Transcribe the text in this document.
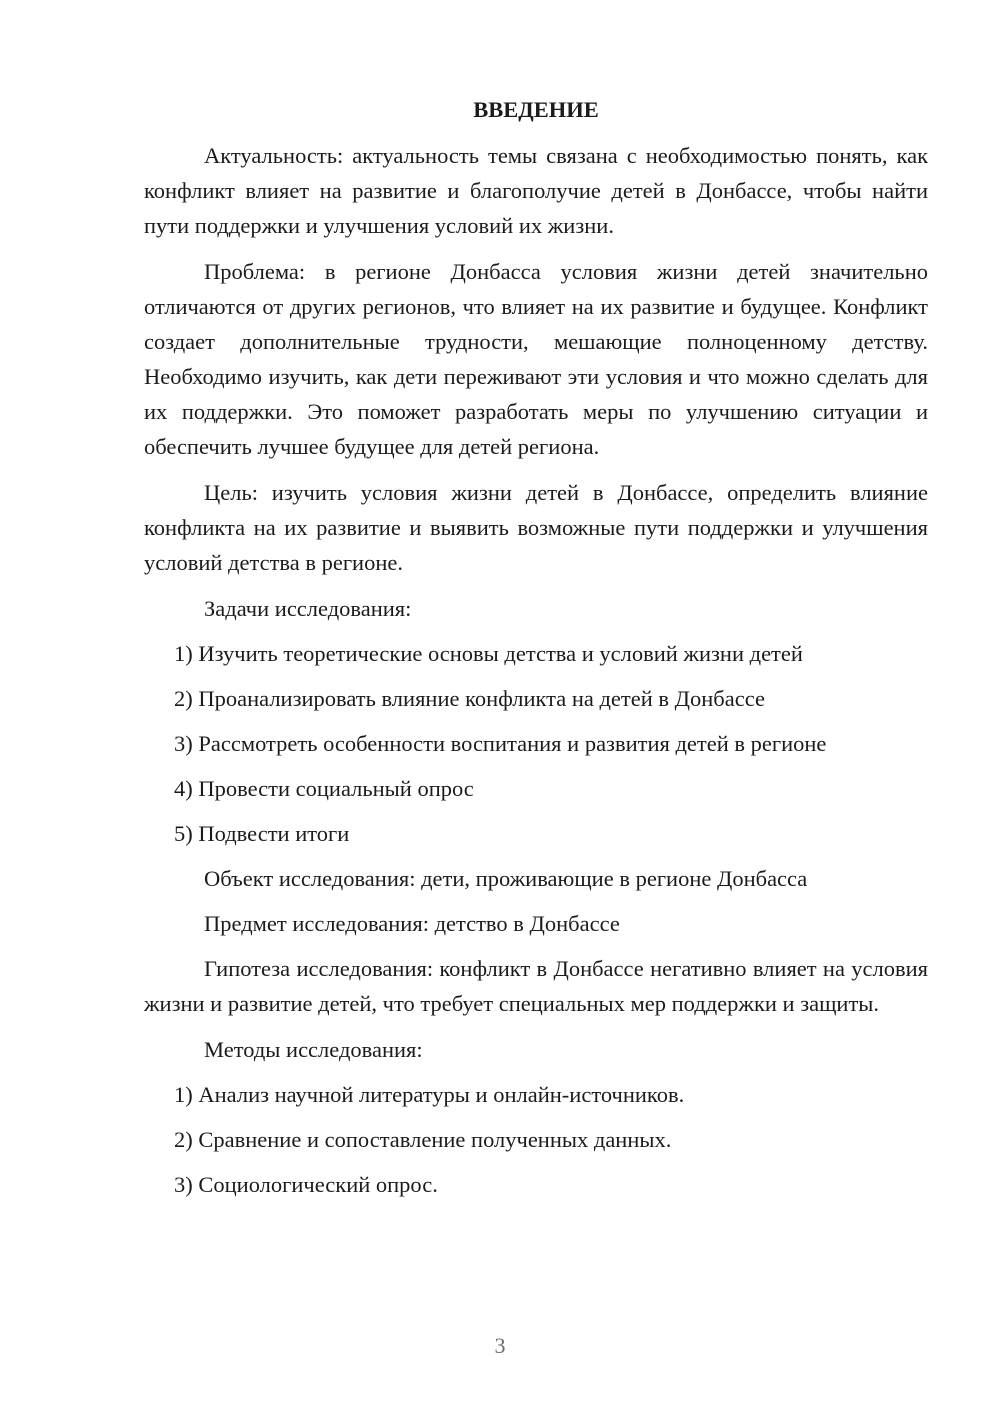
ВВЕДЕНИЕ

Актуальность: актуальность темы связана с необходимостью понять, как конфликт влияет на развитие и благополучие детей в Донбассе, чтобы найти пути поддержки и улучшения условий их жизни.

Проблема: в регионе Донбасса условия жизни детей значительно отличаются от других регионов, что влияет на их развитие и будущее. Конфликт создает дополнительные трудности, мешающие полноценному детству. Необходимо изучить, как дети переживают эти условия и что можно сделать для их поддержки. Это поможет разработать меры по улучшению ситуации и обеспечить лучшее будущее для детей региона.

Цель: изучить условия жизни детей в Донбассе, определить влияние конфликта на их развитие и выявить возможные пути поддержки и улучшения условий детства в регионе.

Задачи исследования:
1) Изучить теоретические основы детства и условий жизни детей
2) Проанализировать влияние конфликта на детей в Донбассе
3) Рассмотреть особенности воспитания и развития детей в регионе
4) Провести социальный опрос
5) Подвести итоги
Объект исследования: дети, проживающие в регионе Донбасса
Предмет исследования: детство в Донбассе

Гипотеза исследования: конфликт в Донбассе негативно влияет на условия жизни и развитие детей, что требует специальных мер поддержки и защиты.

Методы исследования:
1) Анализ научной литературы и онлайн-источников.
2) Сравнение и сопоставление полученных данных.
3) Социологический опрос.
3
